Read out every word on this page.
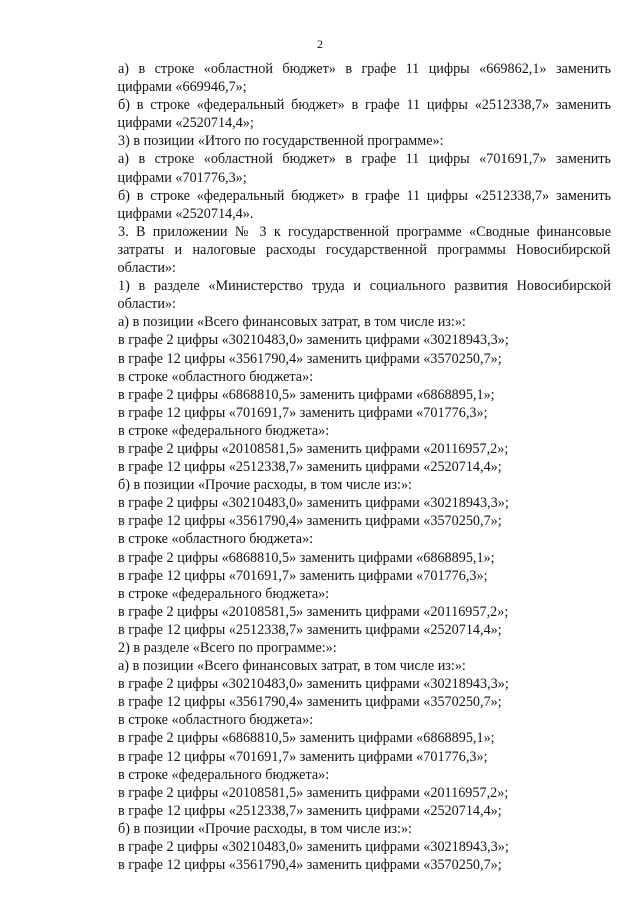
2
а) в строке «областной бюджет» в графе 11 цифры «669862,1» заменить
цифрами «669946,7»;
б) в строке «федеральный бюджет» в графе 11 цифры «2512338,7» заменить
цифрами «2520714,4»;
3) в позиции «Итого по государственной программе»:
а) в строке «областной бюджет» в графе 11 цифры «701691,7» заменить
цифрами «701776,3»;
б) в строке «федеральный бюджет» в графе 11 цифры «2512338,7» заменить
цифрами «2520714,4».
3. В приложении № 3 к государственной программе «Сводные финансовые
затраты и налоговые расходы государственной программы Новосибирской
области»:
1) в разделе «Министерство труда и социального развития Новосибирской
области»:
а) в позиции «Всего финансовых затрат, в том числе из:»:
в графе 2 цифры «30210483,0» заменить цифрами «30218943,3»;
в графе 12 цифры «3561790,4» заменить цифрами «3570250,7»;
в строке «областного бюджета»:
в графе 2 цифры «6868810,5» заменить цифрами «6868895,1»;
в графе 12 цифры «701691,7» заменить цифрами «701776,3»;
в строке «федерального бюджета»:
в графе 2 цифры «20108581,5» заменить цифрами «20116957,2»;
в графе 12 цифры «2512338,7» заменить цифрами «2520714,4»;
б) в позиции «Прочие расходы, в том числе из:»:
в графе 2 цифры «30210483,0» заменить цифрами «30218943,3»;
в графе 12 цифры «3561790,4» заменить цифрами «3570250,7»;
в строке «областного бюджета»:
в графе 2 цифры «6868810,5» заменить цифрами «6868895,1»;
в графе 12 цифры «701691,7» заменить цифрами «701776,3»;
в строке «федерального бюджета»:
в графе 2 цифры «20108581,5» заменить цифрами «20116957,2»;
в графе 12 цифры «2512338,7» заменить цифрами «2520714,4»;
2) в разделе «Всего по программе:»:
а) в позиции «Всего финансовых затрат, в том числе из:»:
в графе 2 цифры «30210483,0» заменить цифрами «30218943,3»;
в графе 12 цифры «3561790,4» заменить цифрами «3570250,7»;
в строке «областного бюджета»:
в графе 2 цифры «6868810,5» заменить цифрами «6868895,1»;
в графе 12 цифры «701691,7» заменить цифрами «701776,3»;
в строке «федерального бюджета»:
в графе 2 цифры «20108581,5» заменить цифрами «20116957,2»;
в графе 12 цифры «2512338,7» заменить цифрами «2520714,4»;
б) в позиции «Прочие расходы, в том числе из:»:
в графе 2 цифры «30210483,0» заменить цифрами «30218943,3»;
в графе 12 цифры «3561790,4» заменить цифрами «3570250,7»;
